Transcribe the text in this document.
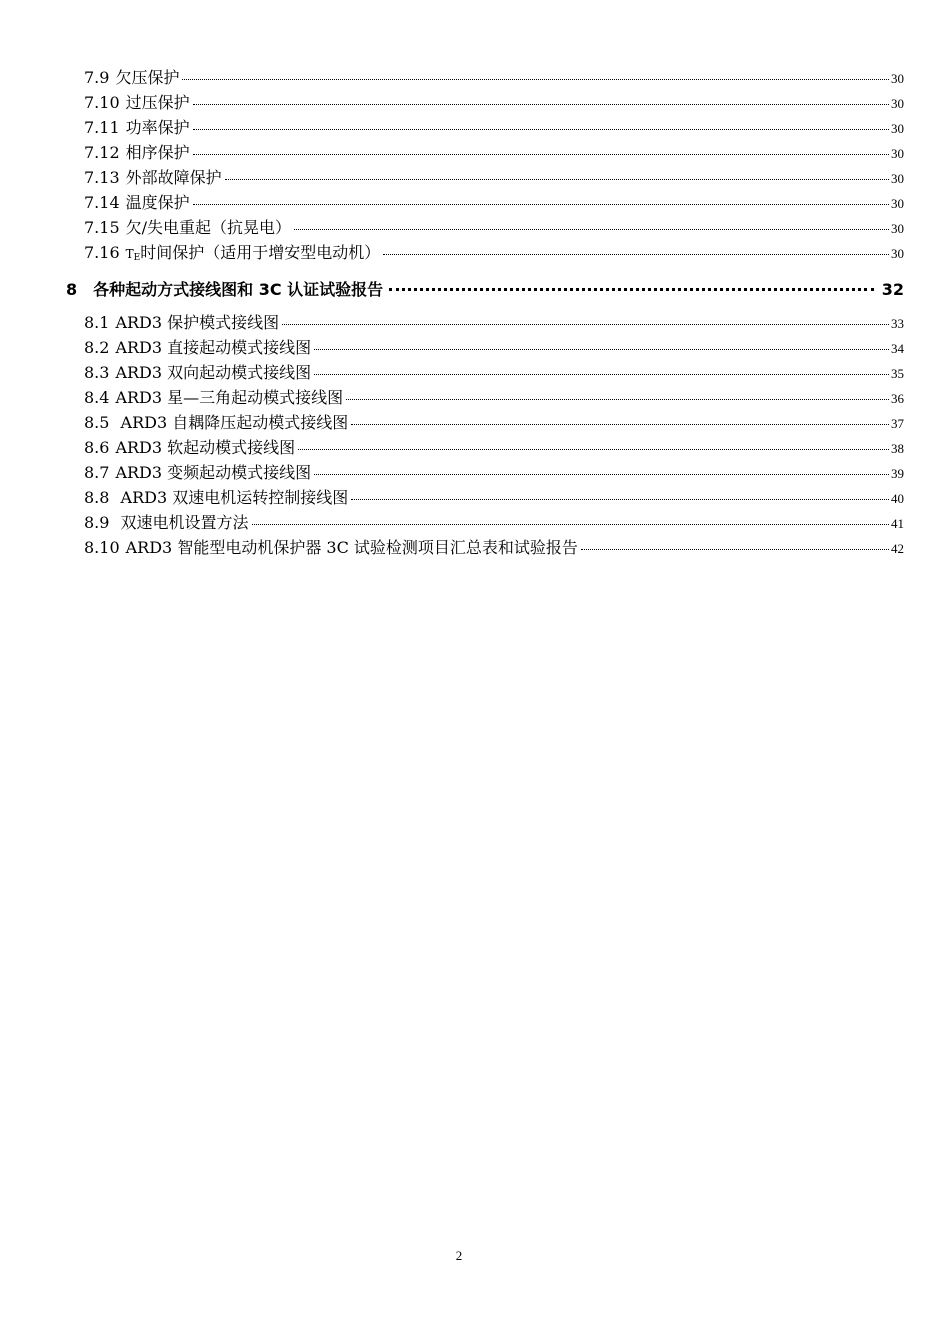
7.9 欠压保护	30
7.10 过压保护	30
7.11 功率保护	30
7.12 相序保护	30
7.13 外部故障保护	30
7.14 温度保护	30
7.15 欠/失电重起（抗晃电）	30
7.16 $T_E$时间保护（适用于增安型电动机）	30
8 各种起动方式接线图和 3C 认证试验报告	32
8.1 ARD3 保护模式接线图	33
8.2 ARD3 直接起动模式接线图	34
8.3 ARD3 双向起动模式接线图	35
8.4 ARD3 星—三角起动模式接线图	36
8.5 ARD3 自耦降压起动模式接线图	37
8.6 ARD3 软起动模式接线图	38
8.7 ARD3 变频起动模式接线图	39
8.8 ARD3 双速电机运转控制接线图	40
8.9 双速电机设置方法	41
8.10 ARD3 智能型电动机保护器 3C 试验检测项目汇总表和试验报告	42
2
